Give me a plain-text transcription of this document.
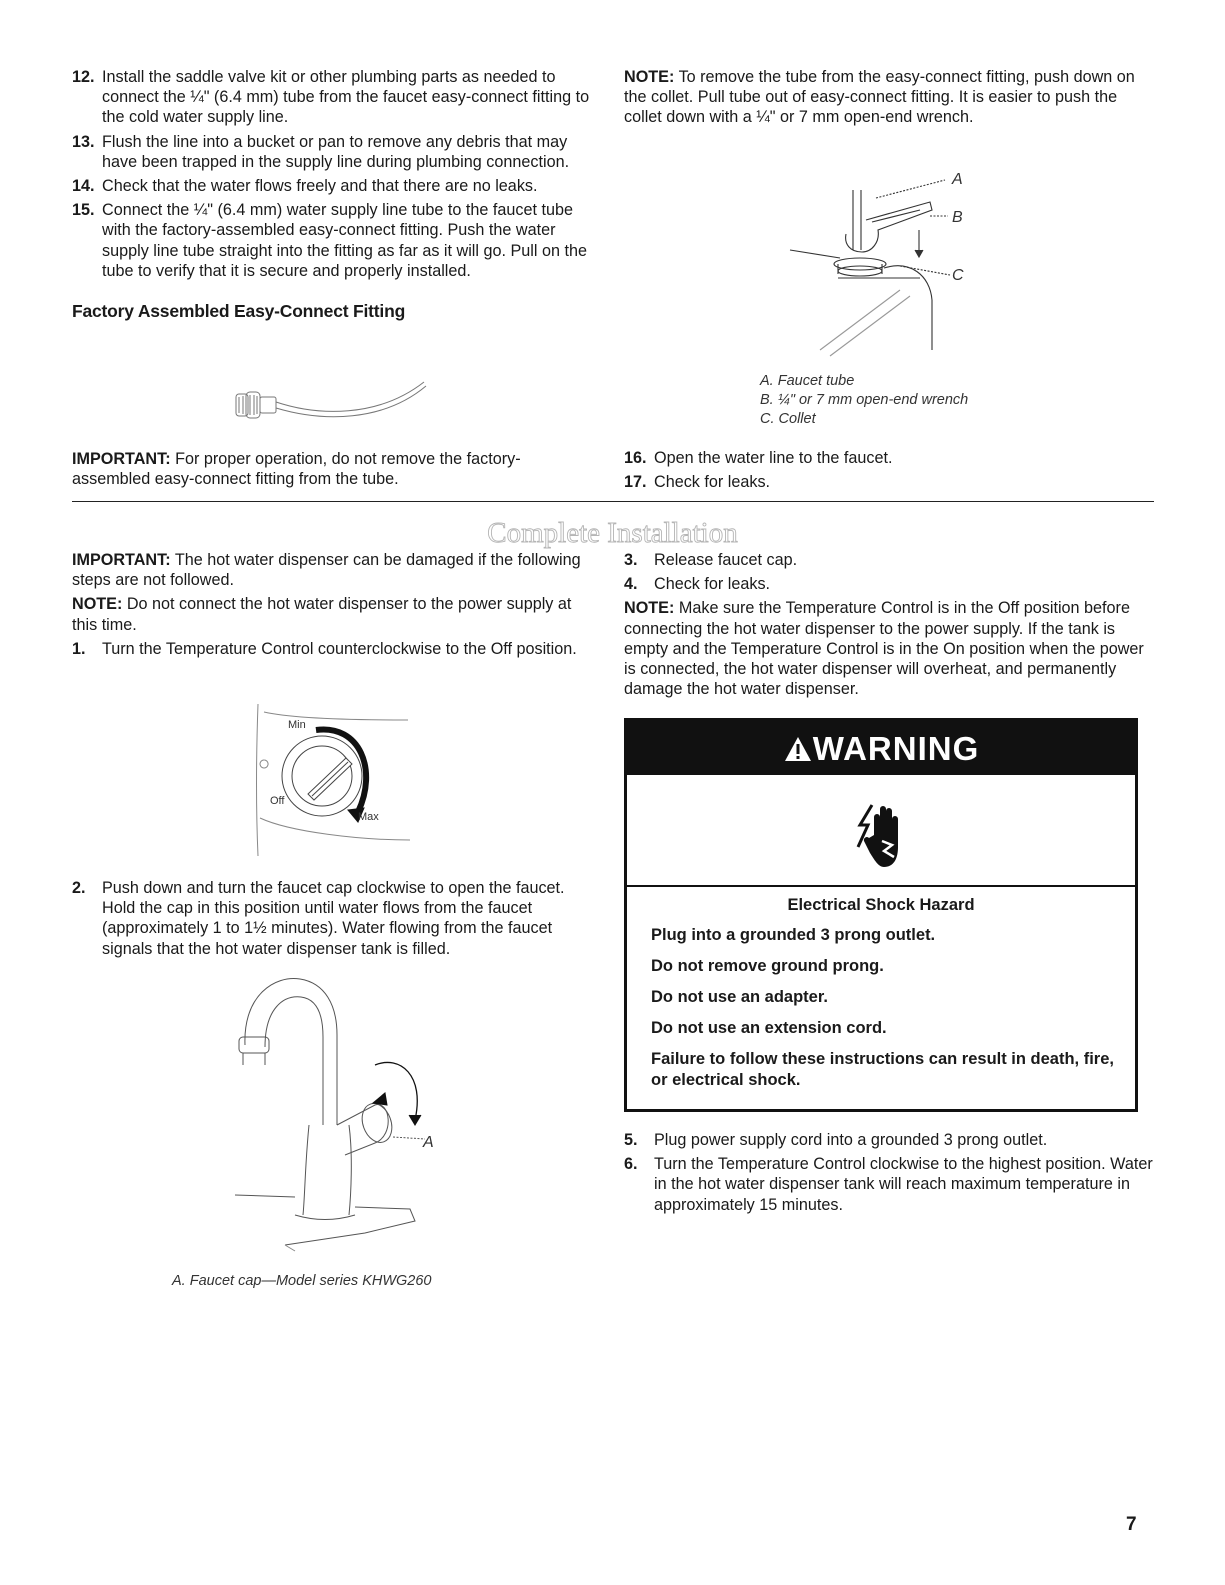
12. Install the saddle valve kit or other plumbing parts as needed to connect the ¼" (6.4 mm) tube from the faucet easy-connect fitting to the cold water supply line.
13. Flush the line into a bucket or pan to remove any debris that may have been trapped in the supply line during plumbing connection.
14. Check that the water flows freely and that there are no leaks.
15. Connect the ¼" (6.4 mm) water supply line tube to the faucet tube with the factory-assembled easy-connect fitting. Push the water supply line tube straight into the fitting as far as it will go. Pull on the tube to verify that it is secure and properly installed.
Factory Assembled Easy-Connect Fitting
IMPORTANT: For proper operation, do not remove the factory-assembled easy-connect fitting from the tube.
NOTE: To remove the tube from the easy-connect fitting, push down on the collet. Pull tube out of easy-connect fitting. It is easier to push the collet down with a ¼" or 7 mm open-end wrench.
A
B
C
A. Faucet tube
B. ¼" or 7 mm open-end wrench
C. Collet
16. Open the water line to the faucet.
17. Check for leaks.
Complete Installation
IMPORTANT: The hot water dispenser can be damaged if the following steps are not followed.
NOTE: Do not connect the hot water dispenser to the power supply at this time.
1. Turn the Temperature Control counterclockwise to the Off position.
Min
Off
Max
2. Push down and turn the faucet cap clockwise to open the faucet. Hold the cap in this position until water flows from the faucet (approximately 1 to 1½ minutes). Water flowing from the faucet signals that the hot water dispenser tank is filled.
A
A. Faucet cap—Model series KHWG260
3. Release faucet cap.
4. Check for leaks.
NOTE: Make sure the Temperature Control is in the Off position before connecting the hot water dispenser to the power supply. If the tank is empty and the Temperature Control is in the On position when the power is connected, the hot water dispenser will overheat, and permanently damage the hot water dispenser.
WARNING
Electrical Shock Hazard
Plug into a grounded 3 prong outlet.
Do not remove ground prong.
Do not use an adapter.
Do not use an extension cord.
Failure to follow these instructions can result in death, fire, or electrical shock.
5. Plug power supply cord into a grounded 3 prong outlet.
6. Turn the Temperature Control clockwise to the highest position. Water in the hot water dispenser tank will reach maximum temperature in approximately 15 minutes.
7
